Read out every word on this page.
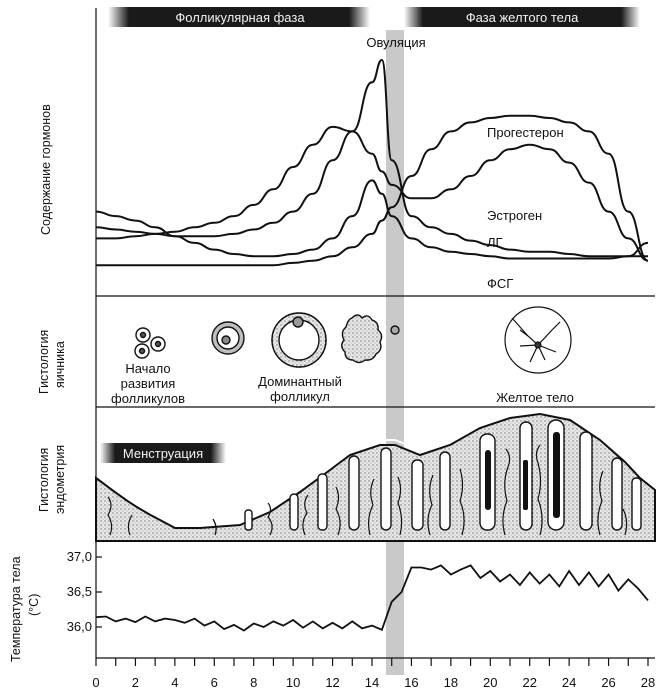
Фолликулярная фаза	Фаза желтого тела
Овуляция
Прогестерон
Эстроген
ЛГ
ФСГ
Содержание гормонов
Начало
развития
фолликулов
Доминантный
фолликул	Желтое тело
Гистология яичника
Менструация
Гистология эндометрия
37,0
36,5
36,0
Температура тела (°С)
0 2 4 6 8 10 12 14 16 18 20 22 24 26 28
